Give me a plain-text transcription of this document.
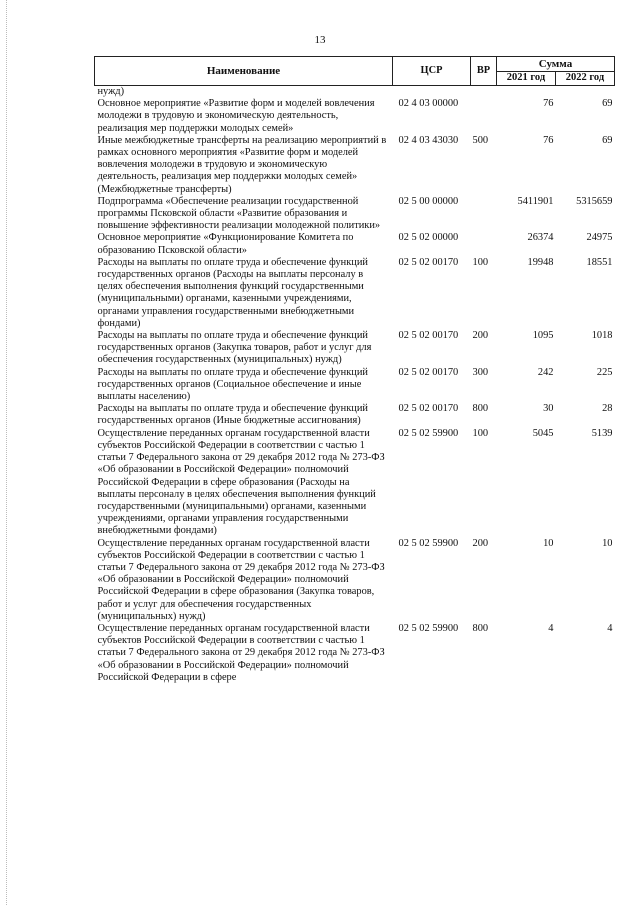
13
Наименование	ЦСР	ВР	Сумма	
			2021 год	2022 год
нужд)				
Основное мероприятие «Развитие форм и моделей вовлечения молодежи в трудовую и экономическую деятельность, реализация мер поддержки молодых семей»	02 4 03 00000		76	69
Иные межбюджетные трансферты на реализацию мероприятий в рамках основного мероприятия «Развитие форм и моделей вовлечения молодежи в трудовую и экономическую деятельность, реализация мер поддержки молодых семей» (Межбюджетные трансферты)	02 4 03 43030	500	76	69
Подпрограмма «Обеспечение реализации государственной программы Псковской области «Развитие образования и повышение эффективности реализации молодежной политики»	02 5 00 00000		5411901	5315659
Основное мероприятие «Функционирование Комитета по образованию Псковской области»	02 5 02 00000		26374	24975
Расходы на выплаты по оплате труда и обеспечение функций государственных органов (Расходы на выплаты персоналу в целях обеспечения выполнения функций государственными (муниципальными) органами, казенными учреждениями, органами управления государственными внебюджетными фондами)	02 5 02 00170	100	19948	18551
Расходы на выплаты по оплате труда и обеспечение функций государственных органов (Закупка товаров, работ и услуг для обеспечения государственных (муниципальных) нужд)	02 5 02 00170	200	1095	1018
Расходы на выплаты по оплате труда и обеспечение функций государственных органов (Социальное обеспечение и иные выплаты населению)	02 5 02 00170	300	242	225
Расходы на выплаты по оплате труда и обеспечение функций государственных органов (Иные бюджетные ассигнования)	02 5 02 00170	800	30	28
Осуществление переданных органам государственной власти субъектов Российской Федерации в соответствии с частью 1 статьи 7 Федерального закона от 29 декабря 2012 года № 273-ФЗ «Об образовании в Российской Федерации» полномочий Российской Федерации в сфере образования (Расходы на выплаты персоналу в целях обеспечения выполнения функций государственными (муниципальными) органами, казенными учреждениями, органами управления государственными внебюджетными фондами)	02 5 02 59900	100	5045	5139
Осуществление переданных органам государственной власти субъектов Российской Федерации в соответствии с частью 1 статьи 7 Федерального закона от 29 декабря 2012 года № 273-ФЗ «Об образовании в Российской Федерации» полномочий Российской Федерации в сфере образования (Закупка товаров, работ и услуг для обеспечения государственных (муниципальных) нужд)	02 5 02 59900	200	10	10
Осуществление переданных органам государственной власти субъектов Российской Федерации в соответствии с частью 1 статьи 7 Федерального закона от 29 декабря 2012 года № 273-ФЗ «Об образовании в Российской Федерации» полномочий Российской Федерации в сфере	02 5 02 59900	800	4	4
